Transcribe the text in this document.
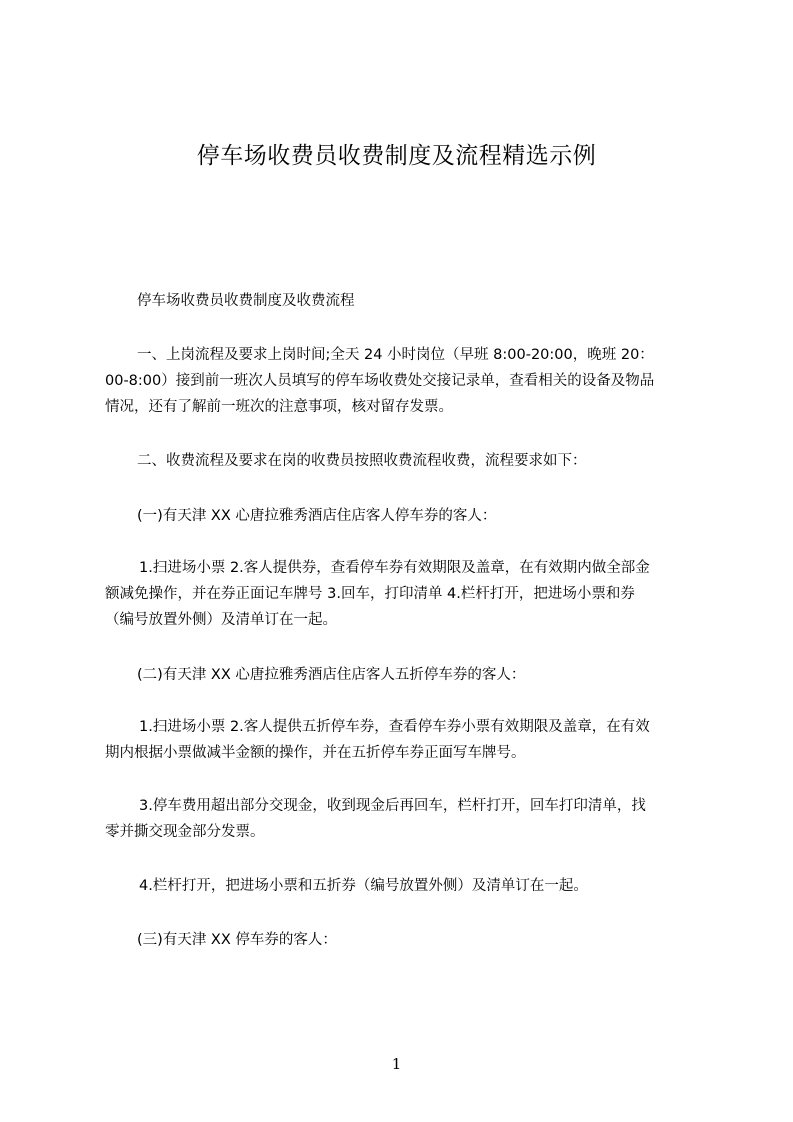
停车场收费员收费制度及流程精选示例
停车场收费员收费制度及收费流程
一、上岗流程及要求上岗时间;全天 24 小时岗位（早班 8:00-20:00，晚班 20：
00-8:00）接到前一班次人员填写的停车场收费处交接记录单，查看相关的设备及物品
情况，还有了解前一班次的注意事项，核对留存发票。
二、收费流程及要求在岗的收费员按照收费流程收费，流程要求如下：
(一)有天津 XX 心唐拉雅秀酒店住店客人停车券的客人：
1.扫进场小票 2.客人提供券，查看停车券有效期限及盖章，在有效期内做全部金
额减免操作，并在券正面记车牌号 3.回车，打印清单 4.栏杆打开，把进场小票和券
（编号放置外侧）及清单订在一起。
(二)有天津 XX 心唐拉雅秀酒店住店客人五折停车券的客人：
1.扫进场小票 2.客人提供五折停车券，查看停车券小票有效期限及盖章，在有效
期内根据小票做减半金额的操作，并在五折停车券正面写车牌号。
3.停车费用超出部分交现金，收到现金后再回车，栏杆打开，回车打印清单，找
零并撕交现金部分发票。
4.栏杆打开，把进场小票和五折券（编号放置外侧）及清单订在一起。
(三)有天津 XX 停车券的客人：
1
